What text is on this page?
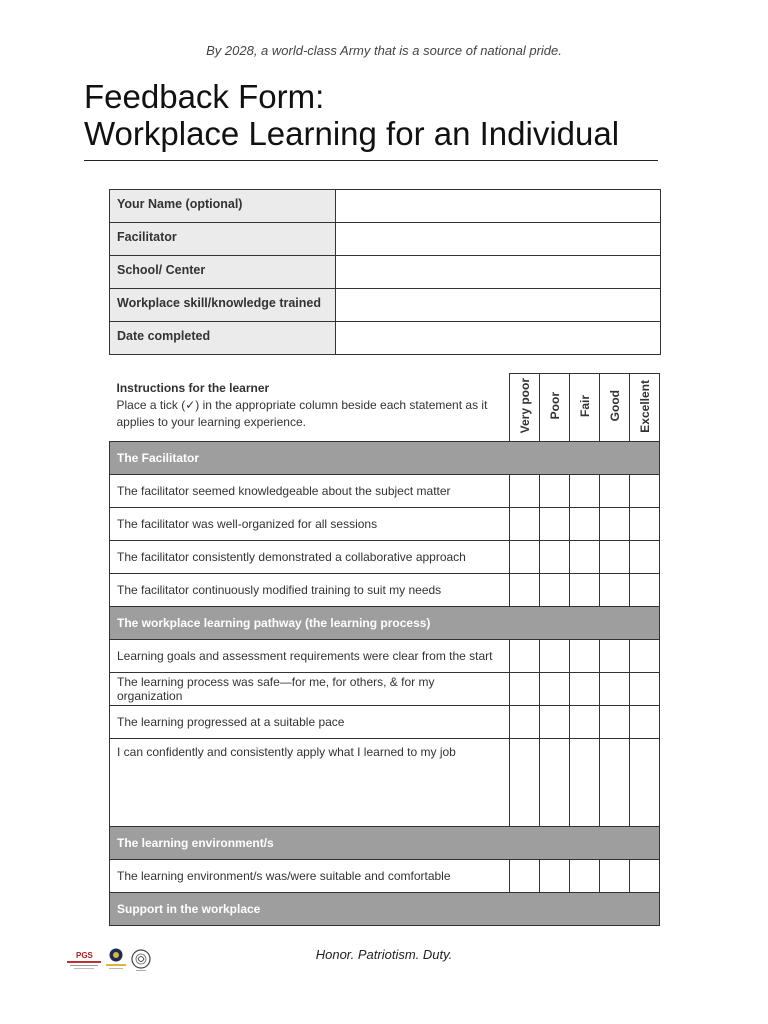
By 2028, a world-class Army that is a source of national pride.
Feedback Form:
Workplace Learning for an Individual
Your Name (optional)	
Facilitator	
School/ Center	
Workplace skill/knowledge trained	
Date completed	
Instructions for the learner
Place a tick (✓) in the appropriate column beside each statement as it applies to your learning experience.	Very poor	Poor	Fair	Good	Excellent
The Facilitator					
The facilitator seemed knowledgeable about the subject matter					
The facilitator was well-organized for all sessions					
The facilitator consistently demonstrated a collaborative approach					
The facilitator continuously modified training to suit my needs					
The workplace learning pathway (the learning process)					
Learning goals and assessment requirements were clear from the start					
The learning process was safe—for me, for others, & for my organization					
The learning progressed at a suitable pace					
I can confidently and consistently apply what I learned to my job					
The learning environment/s					
The learning environment/s was/were suitable and comfortable					
Support in the workplace					
PGS	Honor. Patriotism. Duty.
